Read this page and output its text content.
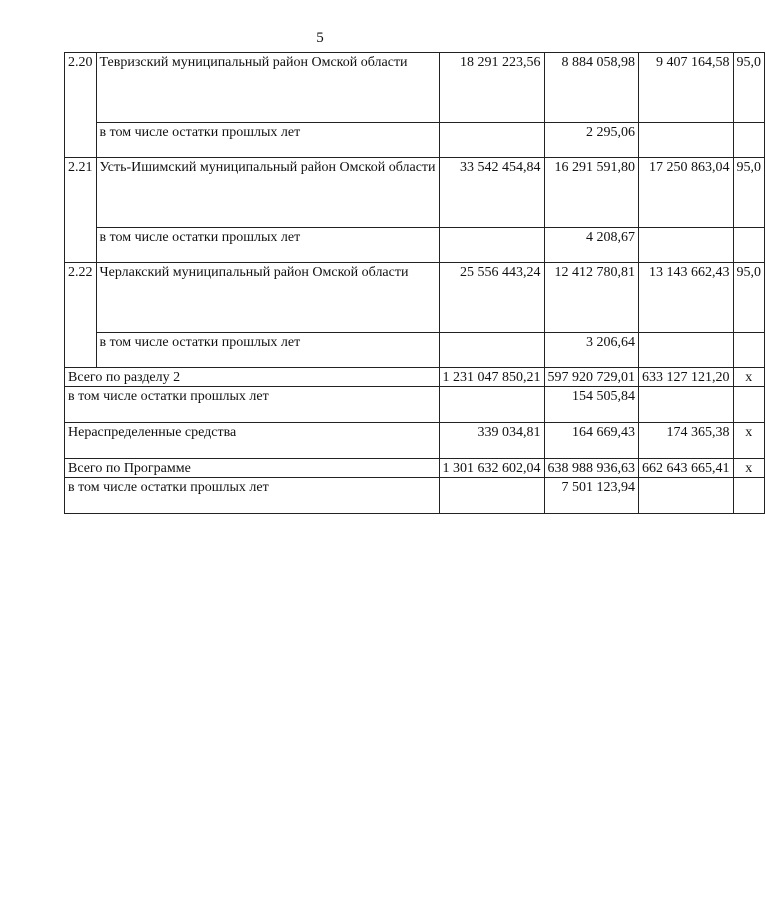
5
2.20	Тевризский муниципальный район Омской области	18 291 223,56	8 884 058,98	9 407 164,58	95,0
	в том числе остатки прошлых лет		2 295,06		
2.21	Усть-Ишимский муниципальный район Омской области	33 542 454,84	16 291 591,80	17 250 863,04	95,0
	в том числе остатки прошлых лет		4 208,67		
2.22	Черлакский муниципальный район Омской области	25 556 443,24	12 412 780,81	13 143 662,43	95,0
	в том числе остатки прошлых лет		3 206,64		
Всего по разделу 2		1 231 047 850,21	597 920 729,01	633 127 121,20	x
в том числе остатки прошлых лет			154 505,84		
Нераспределенные средства		339 034,81	164 669,43	174 365,38	x
Всего по Программе		1 301 632 602,04	638 988 936,63	662 643 665,41	x
в том числе остатки прошлых лет			7 501 123,94		
